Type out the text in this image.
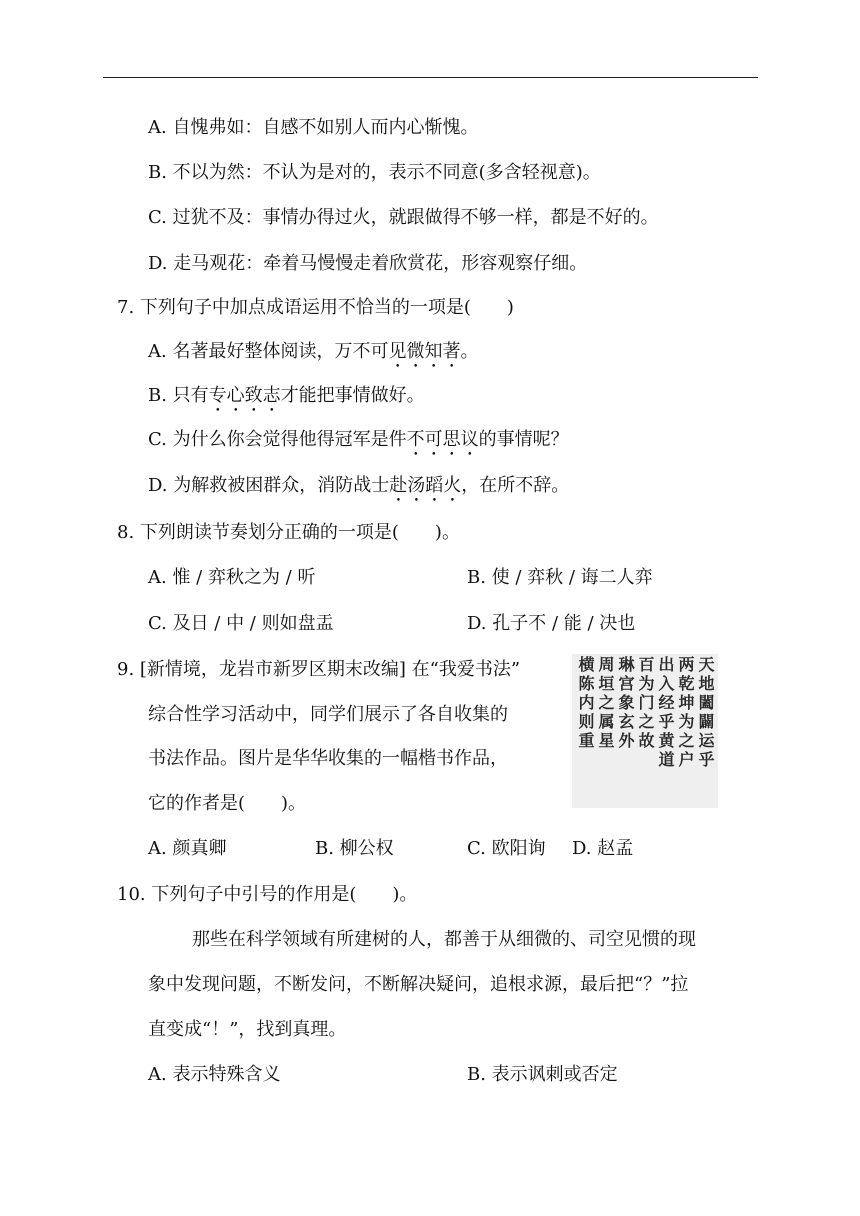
A. 自愧弗如：自感不如别人而内心惭愧。
B. 不以为然：不认为是对的，表示不同意(多含轻视意)。
C. 过犹不及：事情办得过火，就跟做得不够一样，都是不好的。
D. 走马观花：牵着马慢慢走着欣赏花，形容观察仔细。
7. 下列句子中加点成语运用不恰当的一项是(　　)
A. 名著最好整体阅读，万不可见微知著。
B. 只有专心致志才能把事情做好。
C. 为什么你会觉得他得冠军是件不可思议的事情呢？
D. 为解救被困群众，消防战士赴汤蹈火，在所不辞。
8. 下列朗读节奏划分正确的一项是(　　)。
A. 惟 / 弈秋之为 / 听	B. 使 / 弈秋 / 诲二人弈
C. 及日 / 中 / 则如盘盂	D. 孔子不 / 能 / 决也
9. [新情境，龙岩市新罗区期末改编] 在“我爱书法”
综合性学习活动中，同学们展示了各自收集的
书法作品。图片是华华收集的一幅楷书作品，
它的作者是(　　)。
天地闔闢运乎
两乾坤为之户
出入经乎黄道
百为门之故
琳宫象玄外
周垣之属星
横陈内则重
A. 颜真卿	B. 柳公权	C. 欧阳询 D. 赵孟
10. 下列句子中引号的作用是(　　)。
那些在科学领域有所建树的人，都善于从细微的、司空见惯的现
象中发现问题，不断发问，不断解决疑问，追根求源，最后把“？”拉
直变成“！”，找到真理。
A. 表示特殊含义	B. 表示讽刺或否定
